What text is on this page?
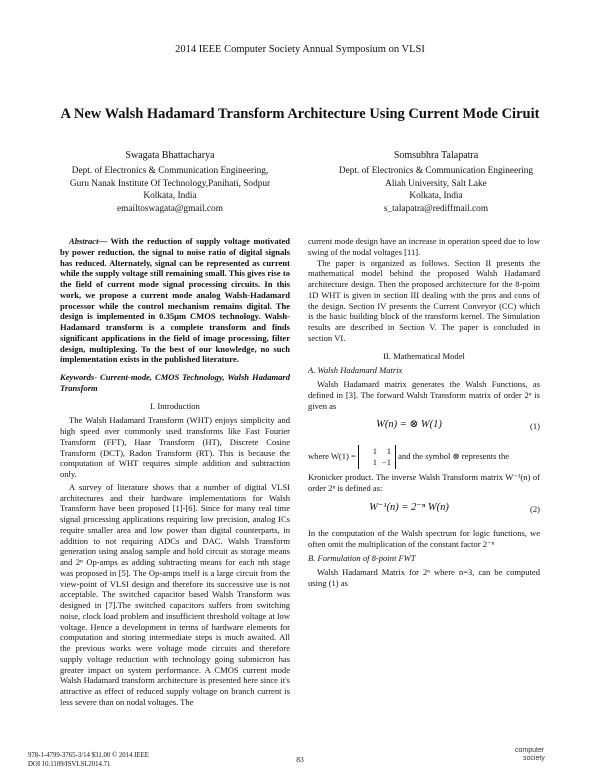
2014 IEEE Computer Society Annual Symposium on VLSI
A New Walsh Hadamard Transform Architecture Using Current Mode Ciruit
Swagata Bhattacharya
Dept. of Electronics & Communication Engineering,
Guru Nanak Institute Of Technology,Panihati, Sodpur
Kolkata, India
emailtoswagata@gmail.com
Somsubhra Talapatra
Dept. of Electronics & Communication Engineering
Aliah University, Salt Lake
Kolkata, India
s_talapatra@rediffmail.com

Abstract— With the reduction of supply voltage motivated by power reduction, the signal to noise ratio of digital signals has reduced. Alternately, signal can be represented as current while the supply voltage still remaining small. This gives rise to the field of current mode signal processing circuits. In this work, we propose a current mode analog Walsh-Hadamard processor while the control mechanism remains digital. The design is implemented in 0.35μm CMOS technology. Walsh-Hadamard transform is a complete transform and finds significant applications in the field of image processing, filter design, multiplexing. To the best of our knowledge, no such implementation exists in the published literature.

Keywords- Current-mode, CMOS Technology, Walsh Hadamard Transform

I. Introduction

The Walsh Hadamard Transform (WHT) enjoys simplicity and high speed over commonly used transforms like Fast Fourier Transform (FFT), Haar Transform (HT), Discrete Cosine Transform (DCT), Radon Transform (RT). This is because the computation of WHT requires simple addition and subtraction only.

A survey of literature shows that a number of digital VLSI architectures and their hardware implementations for Walsh Transform have been proposed [1]-[6]. Since for many real time signal processing applications requiring low precision, analog ICs require smaller area and low power than digital counterparts, in addition to not requiring ADCs and DAC. Walsh Transform generation using analog sample and hold circuit as storage means and 2ⁿ Op-amps as adding subtracting means for each nth stage was proposed in [5]. The Op-amps itself is a large circuit from the view-point of VLSI design and therefore its successive use is not acceptable. The switched capacitor based Walsh Transform was designed in [7].The switched capacitors suffers from switching noise, clock load problem and insufficient threshold voltage at low voltage. Hence a development in terms of hardware elements for computation and storing intermediate steps is much awaited. All the previous works were voltage mode circuits and therefore supply voltage reduction with technology going submicron has greater impact on system performance. A CMOS current mode Walsh Hadamard transform architecture is presented here since it's attractive as effect of reduced supply voltage on branch current is less severe than on nodal voltages. The

current mode design have an increase in operation speed due to low swing of the nodal voltages [11].

The paper is organized as follows. Section II presents the mathematical model behind the proposed Walsh Hadamard architecture design. Then the proposed architecture for the 8-point 1D WHT is given in section III dealing with the pros and cons of the design. Section IV presents the Current Conveyor (CC) which is the basic building block of the transform kernel. The Simulation results are described in Section V. The paper is concluded in section VI.

II. Mathematical Model
A. Walsh Hadamard Matrix

Walsh Hadamard matrix generates the Walsh Functions, as defined in [3]. The forward Walsh Transform matrix of order 2ⁿ is given as

W(n) = ⊗ W(1)	(1)

where W(1) = 1 1
1 −1 and the symbol ⊗ represents the

Kronicker product. The inverse Walsh Transform matrix W⁻¹(n) of order 2ⁿ is defined as:

W⁻¹(n) = 2⁻ⁿ W(n)	(2)

In the computation of the Walsh spectrum for logic functions, we often omit the multiplication of the constant factor 2⁻ⁿ

B. Formulation of 8-point FWT

Walsh Hadamard Matrix for 2ⁿ where n=3, can be computed using (1) as

978-1-4799-3765-3/14 $31.00 © 2014 IEEE
DOI 10.1109/ISVLSI.2014.71
83
computer
society
